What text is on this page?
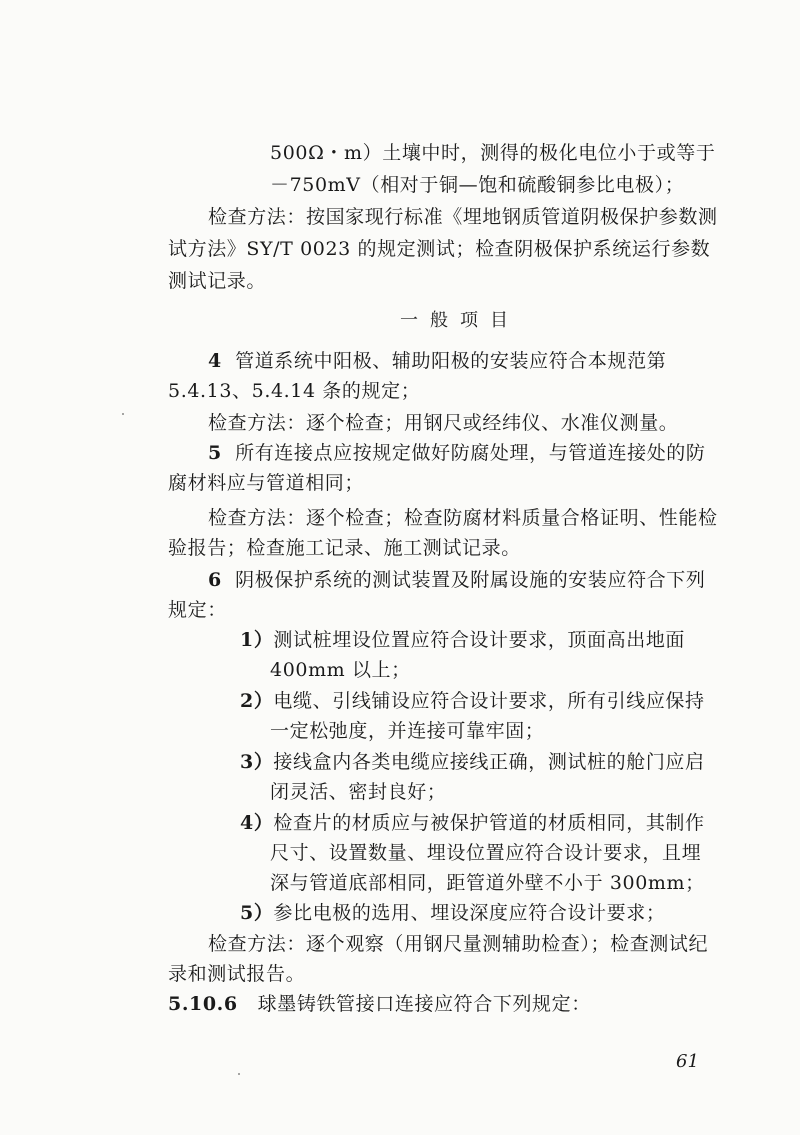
500Ω・m）土壤中时，测得的极化电位小于或等于
－750mV（相对于铜—饱和硫酸铜参比电极）；
检查方法：按国家现行标准《埋地钢质管道阴极保护参数测
试方法》SY/T 0023 的规定测试；检查阴极保护系统运行参数
测试记录。
一般项目
4 管道系统中阳极、辅助阳极的安装应符合本规范第
5.4.13、5.4.14 条的规定；
检查方法：逐个检查；用钢尺或经纬仪、水准仪测量。
5 所有连接点应按规定做好防腐处理，与管道连接处的防
腐材料应与管道相同；
检查方法：逐个检查；检查防腐材料质量合格证明、性能检
验报告；检查施工记录、施工测试记录。
6 阴极保护系统的测试装置及附属设施的安装应符合下列
规定：
1）测试桩埋设位置应符合设计要求，顶面高出地面
400mm 以上；
2）电缆、引线铺设应符合设计要求，所有引线应保持
一定松弛度，并连接可靠牢固；
3）接线盒内各类电缆应接线正确，测试桩的舱门应启
闭灵活、密封良好；
4）检查片的材质应与被保护管道的材质相同，其制作
尺寸、设置数量、埋设位置应符合设计要求，且埋
深与管道底部相同，距管道外壁不小于 300mm；
5）参比电极的选用、埋设深度应符合设计要求；
检查方法：逐个观察（用钢尺量测辅助检查）；检查测试纪
录和测试报告。
5.10.6 球墨铸铁管接口连接应符合下列规定：
61
